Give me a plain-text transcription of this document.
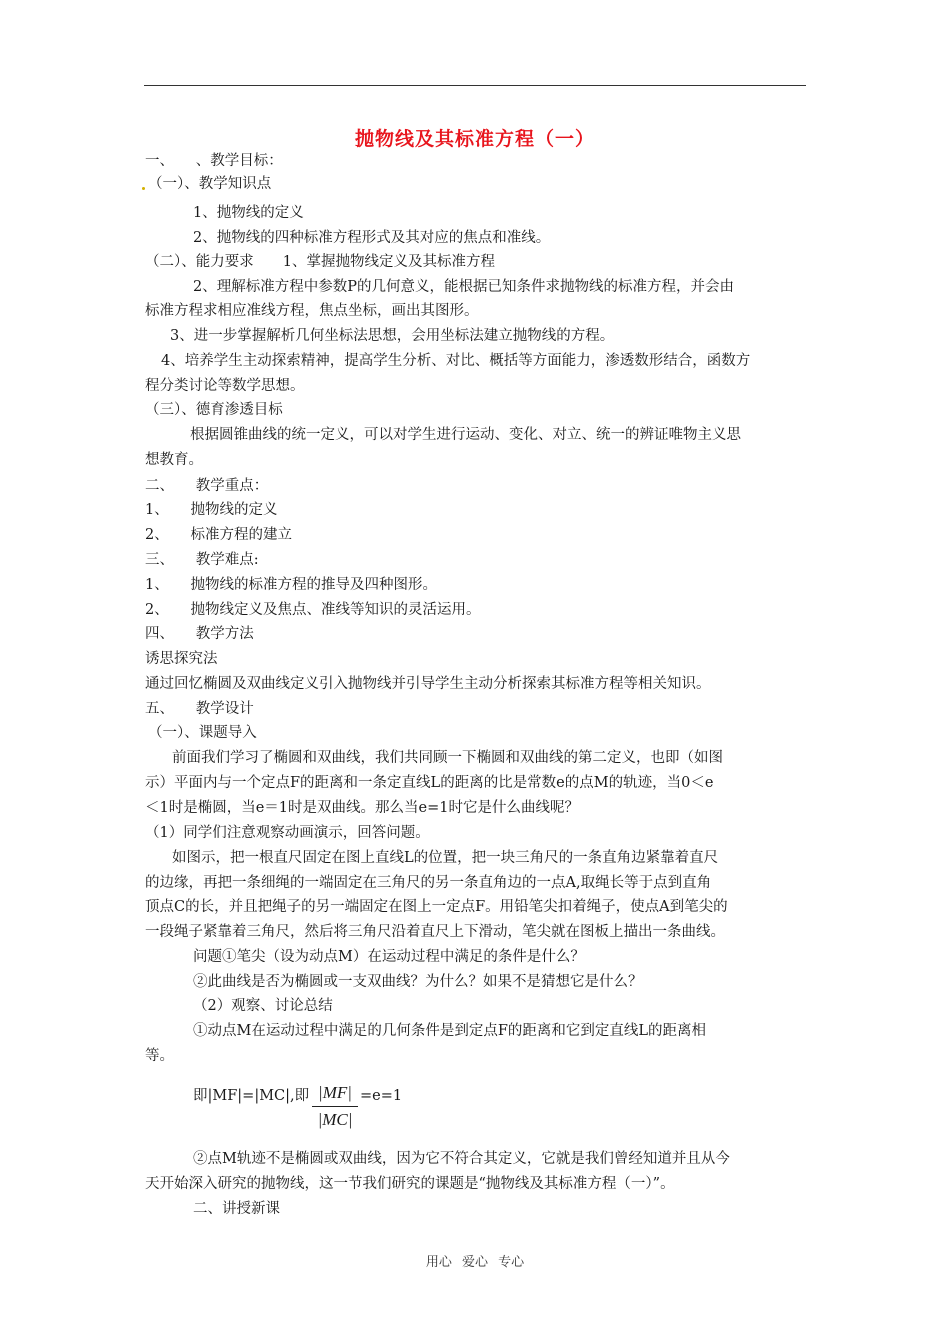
抛物线及其标准方程（一）
一、　　、教学目标：
（一）、教学知识点
1、抛物线的定义
2、抛物线的四种标准方程形式及其对应的焦点和准线。
（二）、能力要求　　1、掌握抛物线定义及其标准方程
2、理解标准方程中参数P的几何意义，能根据已知条件求抛物线的标准方程，并会由
标准方程求相应准线方程，焦点坐标，画出其图形。
3、进一步掌握解析几何坐标法思想，会用坐标法建立抛物线的方程。
4、培养学生主动探索精神，提高学生分析、对比、概括等方面能力，渗透数形结合，函数方
程分类讨论等数学思想。
（三）、德育渗透目标
根据圆锥曲线的统一定义，可以对学生进行运动、变化、对立、统一的辨证唯物主义思
想教育。
二、　　教学重点：
1、　　抛物线的定义
2、　　标准方程的建立
三、　　教学难点:
1、　　抛物线的标准方程的推导及四种图形。
2、　　抛物线定义及焦点、准线等知识的灵活运用。
四、　　教学方法
诱思探究法
通过回忆椭圆及双曲线定义引入抛物线并引导学生主动分析探索其标准方程等相关知识。
五、　　教学设计
（一）、课题导入
前面我们学习了椭圆和双曲线，我们共同顾一下椭圆和双曲线的第二定义，也即（如图
示）平面内与一个定点F的距离和一条定直线L的距离的比是常数e的点M的轨迹，当0＜e
＜1时是椭圆，当e＝1时是双曲线。那么当e=1时它是什么曲线呢？
（1）同学们注意观察动画演示，回答问题。
如图示，把一根直尺固定在图上直线L的位置，把一块三角尺的一条直角边紧靠着直尺
的边缘，再把一条细绳的一端固定在三角尺的另一条直角边的一点A,取绳长等于点到直角
顶点C的长，并且把绳子的另一端固定在图上一定点F。用铅笔尖扣着绳子，使点A到笔尖的
一段绳子紧靠着三角尺，然后将三角尺沿着直尺上下滑动，笔尖就在图板上描出一条曲线。
问题①笔尖（设为动点M）在运动过程中满足的条件是什么？
②此曲线是否为椭圆或一支双曲线？为什么？如果不是猜想它是什么？
（2）观察、讨论总结
①动点M在运动过程中满足的几何条件是到定点F的距离和它到定直线L的距离相
等。
即|MF|=|MC|,即 $\frac{|MF|}{|MC|} =e=1$
②点M轨迹不是椭圆或双曲线，因为它不符合其定义，它就是我们曾经知道并且从今
天开始深入研究的抛物线，这一节我们研究的课题是“抛物线及其标准方程（一）”。
二、讲授新课
用心 爱心 专心
